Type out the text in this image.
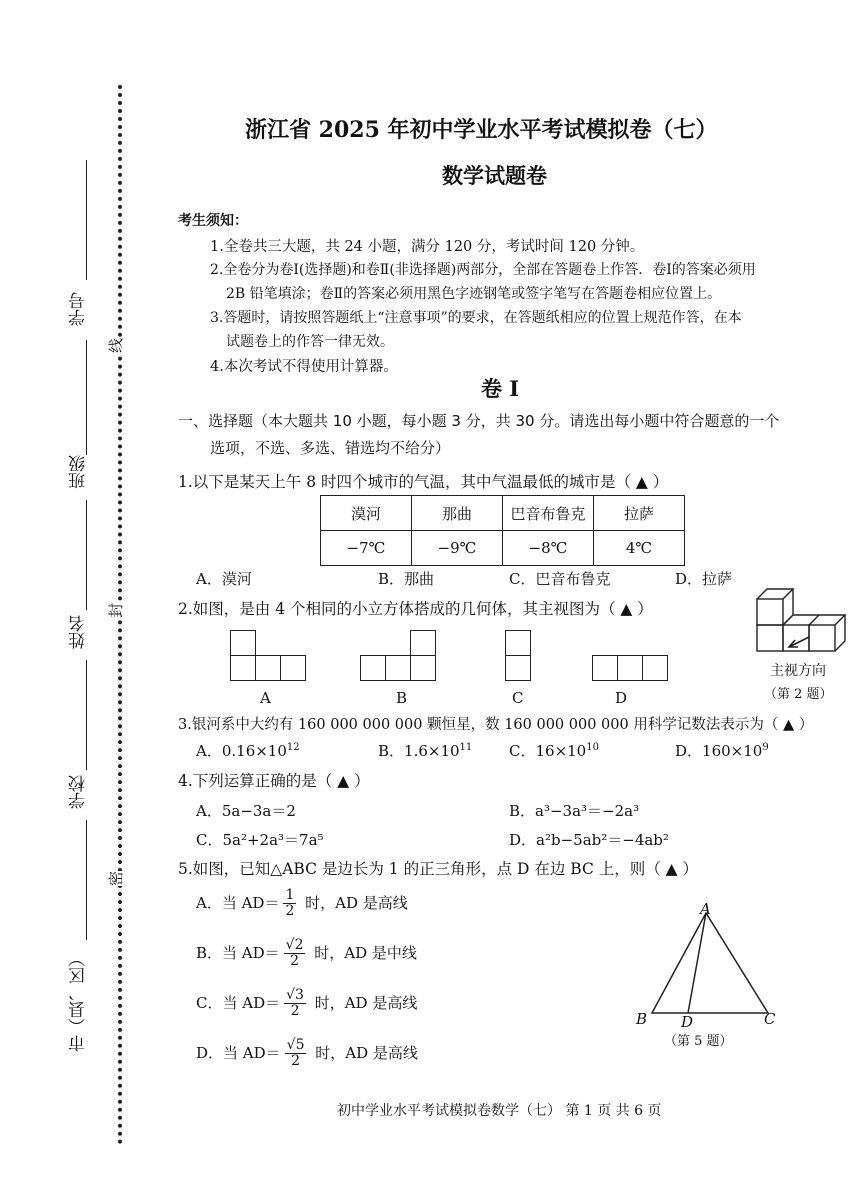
线
封
密
学号
班级
姓名
学校
市（县、区）
浙江省 2025 年初中学业水平考试模拟卷（七）
数学试题卷
考生须知：
1.全卷共三大题，共 24 小题，满分 120 分，考试时间 120 分钟。
2.全卷分为卷Ⅰ(选择题)和卷Ⅱ(非选择题)两部分，全部在答题卷上作答．卷Ⅰ的答案必须用
2B 铅笔填涂；卷Ⅱ的答案必须用黑色字迹钢笔或签字笔写在答题卷相应位置上。
3.答题时，请按照答题纸上“注意事项”的要求，在答题纸相应的位置上规范作答，在本
试题卷上的作答一律无效。
4.本次考试不得使用计算器。
卷 I
一、选择题（本大题共 10 小题，每小题 3 分，共 30 分。请选出每小题中符合题意的一个
选项，不选、多选、错选均不给分）
1.以下是某天上午 8 时四个城市的气温，其中气温最低的城市是（ ▲ ）
漠河	那曲	巴音布鲁克	拉萨
−7℃	−9℃	−8℃	4℃
A．漠河	B．那曲	C．巴音布鲁克	D．拉萨
2.如图，是由 4 个相同的小立方体搭成的几何体，其主视图为（ ▲ ）
A	B	C	D
主视方向
（第 2 题）
3.银河系中大约有 160 000 000 000 颗恒星，数 160 000 000 000 用科学记数法表示为（ ▲ ）
A．$0.16\times 10^{12}$	B．$1.6\times 10^{11}$ C．$16\times 10^{10}$	D．$160\times 10^9$
4.下列运算正确的是（ ▲ ）
A．5a−3a＝2	B．a³−3a³＝−2a³
C．5a²+2a³＝7a⁵	D．a²b−5ab²＝−4ab²
5.如图，已知△ABC 是边长为 1 的正三角形，点 D 在边 BC 上，则（ ▲ ）
A．当 $AD= \frac{1}{2}$ 时，AD 是高线
B．当 $AD= \frac{√2}{2}$ 时，AD 是中线
C．当 $AD= \frac{√3}{2}$ 时，AD 是高线
D．当 $AD= \frac{√5}{2}$ 时，AD 是高线
A
B D	C
（第 5 题）
初中学业水平考试模拟卷数学（七） 第 1 页 共 6 页
